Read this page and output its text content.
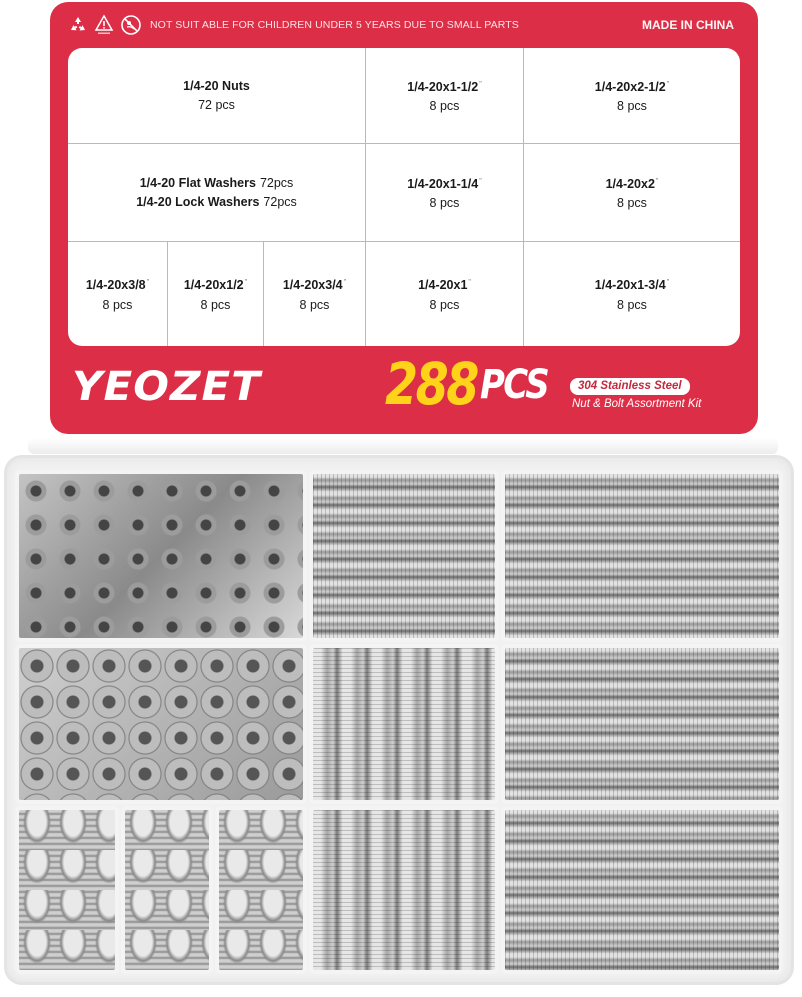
NOT SUIT ABLE FOR CHILDREN UNDER 5 YEARS DUE TO SMALL PARTS	MADE IN CHINA
1/4-20 Nuts
72 pcs
1/4-20x1-1/2"
8 pcs
1/4-20x2-1/2"
8 pcs
1/4-20 Flat Washers 72pcs
1/4-20 Lock Washers 72pcs
1/4-20x1-1/4"
8 pcs
1/4-20x2"
8 pcs
1/4-20x3/8"
8 pcs
1/4-20x1/2"
8 pcs
1/4-20x3/4"
8 pcs
1/4-20x1"
8 pcs
1/4-20x1-3/4"
8 pcs
YEOZET 288 PCS	304 Stainless Steel
Nut & Bolt Assortment Kit
